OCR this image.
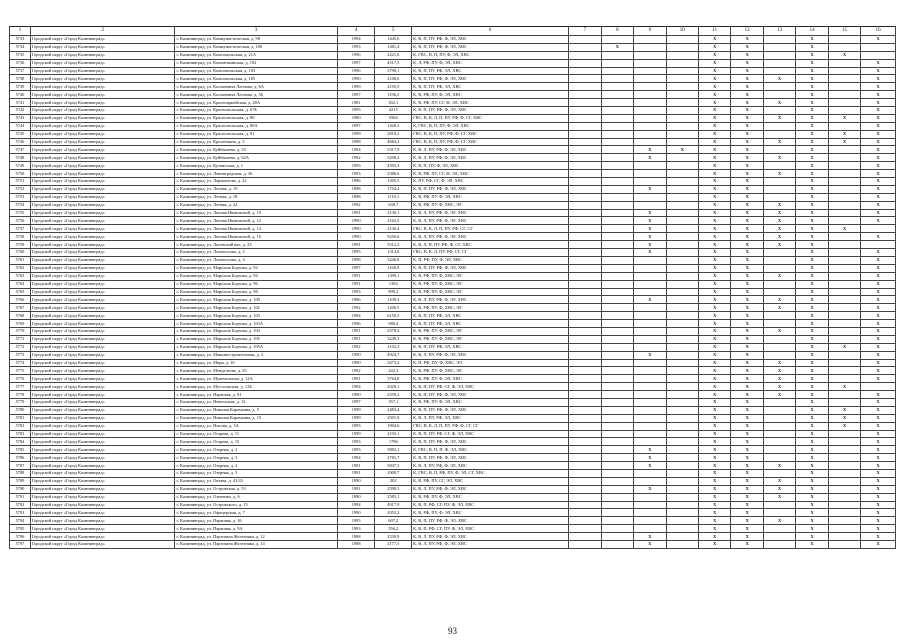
1	2	3	4	5	6	7	8	9	10	11	12	13	14	15	16
5733	Городской округ «Город Калининград»	г. Калининград, ул. Коммунистическая, д. 98	1994	1445,6	К, В, П, ПУ, РФ, Ф, ЭЛ, ХВС					X	X		X		X
5734	Городской округ «Город Калининград»	г. Калининград, ул. Коммунистическая, д. 100	1993	1481,4	К, В, П, ПУ, РФ, Ф, ЭЛ, ХВС		X			X	X		X		
5735	Городской округ «Город Калининград»	г. Калининград, ул. Комсомольская, д. 21А	1996	2221,6	К, ГВС, В, П, ПУ, Ф, ЭЛ, ХВС					X	X		X	X	
5736	Городской округ «Город Калининград»	г. Калининград, ул. Камчатньявская, д. 102	1997	4517,5	К, Л, РФ, ПУ, Ф, ЭЛ, ХВС					X	X		X		X
5737	Городской округ «Город Калининград»	г. Калининград, ул. Комсомольская, д. 103	1996	3790,1	К, В, П, ПУ, РФ, ЭЛ, ХВС					X	X		X		X
5738	Городской округ «Город Калининград»	г. Калининград, ул. Комсомольская, д. 105	1990	2108,6	К, В, П, ПУ, РФ, Ф, ЭЛ, ХВС					X	X	X	X		X
5739	Городской округ «Город Калининград»	г. Калининград, ул. Космонавта Леонова, д. 6А	1999	2195,5	К, В, П, ПУ, РФ, ЭЛ, ХВС					X	X		X		X
5740	Городской округ «Город Калининград»	г. Калининград, ул. Космонавта Леонова, д. 56	1997	1196,3	К, В, РФ, ПУ, Ф, ЭЛ, ХВС					X	X		X		X
5741	Городской округ «Город Калининград»	г. Калининград, ул. Красноармейская, д. 28А	1981	302,1	К, В, РФ, ПУ, СГ, Ф, ЭЛ, ХВС					X	X	X	X		X
5742	Городской округ «Город Калининград»	г. Калининград, ул. Краснопольская, д. 67Б	1995	4215	К, В, П, ПУ, РФ, Ф, ЭЛ, ХВС					X	X		X		X
5743	Городской округ «Город Калининград»	г. Калининград, ул. Краснопольская, д. 80	1980	5564	ГВС, В, К, Л, П, ПУ, РФ, Ф, СГ, ХВС					X	X	X	X	X	X
5744	Городской округ «Город Калининград»	г. Калининград, ул. Краснопольская, д. 80А	1997	1428,3	К, ГВС, В, П, ПУ, Ф, ЭЛ, ХВС					X	X		X		X
5745	Городской округ «Город Калининград»	г. Калининград, ул. Краснопольская, д. 81	1999	2818,2	ГВС, В, К, П, ПУ, РФ, Ф, СГ, ХВС					X	X		X	X	X
5746	Городской округ «Город Калининград»	г. Калининград, ул. Кропоткина, д. 3	1998	4684,2	ГВС, В, К, П, ПУ, РФ, Ф, СГ, ХВС					X	X	X	X	X	X
5747	Городской округ «Город Калининград»	г. Калининград, ул. Куйбышева, д. 53	1994	5317,9	К, В, Л, ПУ, РФ, Ф, ЭЛ, ХВС			X	X	X	X		X		X
5748	Городской округ «Город Калининград»	г. Калининград, ул. Куйбышева, д. 62А	1992	3290,2	К, В, Л, ПУ, РФ, Ф, ЭЛ, ХВС			X		X	X	X	X		X
5749	Городской округ «Город Калининград»	г. Калининград, ул. Кутаисская, д. 1	1995	4593,3	К, В, П, ПУ, Ф, ЭЛ, ХВС					X	X		X		X
5750	Городской округ «Город Калининград»	г. Калининград, ул. Ленинградская, д. 36	1993	2386,6	К, В, РФ, ПУ, СГ, Ф, ЭЛ, ХВС					X	X	X	X		X
5751	Городской округ «Город Калининград»	г. Калининград, ул. Лермонтова, д. 22	1986	1205,5	К, ПУ, РФ, СГ, Ф, ЭЛ, ХВС					X	X		X		X
5752	Городской округ «Город Калининград»	г. Калининград, ул. Лесная, д. 19	1998	1754,4	К, В, П, ПУ, РФ, Ф, ЭЛ, ХВС			X		X	X		X		X
5753	Городской округ «Город Калининград»	г. Калининград, ул. Летная, д. 18	1998	1110,1	К, В, РФ, ПУ, Ф, ЭЛ, ХВС					X	X		X		X
5754	Городской округ «Город Калининград»	г. Калининград, ул. Летняя, д. 22	1992	638,7	К, В, РФ, ПУ, Ф, ХВС, ЭЛ					X	X	X	X		X
5755	Городской округ «Город Калининград»	г. Калининград, ул. Лиепая Ивановской, д. 10	1991	2130,1	К, В, Л, ПУ, РФ, Ф, ЭЛ, ХВС			X		X	X	X	X		X
5756	Городской округ «Город Калининград»	г. Калининград, ул. Лиепая Ивановской, д. 12	1990	2163,5	К, В, Л, ПУ, РФ, Ф, ЭЛ, ХВС			X		X	X	X	X		X
5757	Городской округ «Город Калининград»	г. Калининград, ул. Лиепая Ивановской, д. 14	1990	2136,4	ГВС, В, К, Л, П, ПУ, РФ, СГ, СГ			X		X	X	X	X	X	
5758	Городской округ «Город Калининград»	г. Калининград, ул. Лиепая Ивановской, д. 16	1990	9256,6	К, В, Л, ПУ, РФ, Ф, ЭЛ, ХВС			X		X	X	X	X		X
5759	Городской округ «Город Калининград»	г. Калининград, ул. Лиговский вал, д. 23	1991	5512,2	К, В, Л, П, ПУ, РФ, Ф, СГ, ХВС			X		X	X	X	X		
5760	Городской округ «Город Калининград»	г. Калининград, ул. Ломоносова, д. 2	1995	1314,6	ГВС, В, К, Л, ПУ, РФ, СГ, СГ			X		X	X		X		X
5761	Городской округ «Город Калининград»	г. Калининград, ул. Ломоносова, д. 4	1998	3246,8	К, П, РФ, ПУ, Ф, ЭЛ, ХВС					X	X		X		X
5762	Городской округ «Город Калининград»	г. Калининград, ул. Маршала Борзова, д. 92	1997	1168,9	К, В, П, ПУ, РФ, Ф, ЭЛ, ХВС					X	X		X		X
5763	Городской округ «Город Калининград»	г. Калининград, ул. Маршала Борзова, д. 94	1991	1399,1	К, В, РФ, ПУ, Ф, ХВС, ЭЛ					X	X	X	X		X
5764	Городской округ «Город Калининград»	г. Калининград, ул. Маршала Борзова, д. 96	1991	1384	К, В, РФ, ПУ, Ф, ХВС, ЭЛ					X	X		X		X
5765	Городской округ «Город Калининград»	г. Калининград, ул. Маршала Борзова, д. 98	1993	899,2	К, В, РФ, ПУ, Ф, ХВС, ЭЛ					X	X		X		X
5766	Городской округ «Город Калининград»	г. Калининград, ул. Маршала Борзова, д. 100	1986	1108,3	К, В, Л, ПУ, РФ, Ф, ЭЛ, ХВС			X		X	X	X	X		X
5767	Городской округ «Город Калининград»	г. Калининград, ул. Маршала Борзова, д. 102	1992	1200,5	К, В, РФ, ПУ, Ф, ХВС, ЭЛ					X	X	X	X		X
5768	Городской округ «Город Калининград»	г. Калининград, ул. Маршала Борзова, д. 103	1994	6150,5	К, В, П, ПУ, РФ, ЭЛ, ХВС					X	X		X		X
5769	Городской округ «Город Калининград»	г. Калининград, ул. Маршала Борзова, д. 103А	1996	986,4	К, В, П, ПУ, РФ, ЭЛ, ХВС					X	X		X		X
5770	Городской округ «Город Калининград»	г. Калининград, ул. Маршала Борзова, д. 104	1991	2578,4	К, В, РФ, ПУ, Ф, ХВС, ЭЛ					X	X	X	X		X
5771	Городской округ «Город Калининград»	г. Калининград, ул. Маршала Борзова, д. 105	1991	3249,3	К, В, РФ, ПУ, Ф, ХВС, ЭЛ					X	X		X		X
5772	Городской округ «Город Калининград»	г. Калининград, ул. Маршала Борзова, д. 105А	1992	2102,3	К, В, П, ПУ, РФ, ЭЛ, ХВС					X	X		X	X	X
5773	Городской округ «Город Калининград»	г. Калининград, ул. Машиностроительная, д. 2	1990	4924,7	К, В, Л, ПУ, РФ, Ф, ЭЛ, ХВС			X		X	X		X		X
5774	Городской округ «Город Калининград»	г. Калининград, ул. Мира, д. 10	1990	3473,2	К, П, РФ, ПУ, Ф, ХВС, ЭЛ					X	X	X	X		X
5775	Городской округ «Город Калининград»	г. Калининград, ул. Менделеева, д. 35	1992	242,3	К, В, РФ, ПУ, Ф, ХВС, ЭЛ					X	X	X	X		X
5776	Городской округ «Город Калининград»	г. Калининград, ул. Мукомольная, д. 12А	1991	3764,8	К, В, РФ, ПУ, Ф, ЭЛ, ХВС					X	X	X	X		X
5777	Городской округ «Город Калининград»	г. Калининград, ул. Муссолыская, д. 12Б	1994	2029,1	К, В, П, ПУ, РФ, СГ, Ф, ЭЛ, ХВС					X	X	X	X	X	
5778	Городской округ «Город Калининград»	г. Калининград, ул. Нарвская, д. 81	1990	2559,2	К, В, П, ПУ, РФ, Ф, ЭЛ, ХВС					X	X	X	X		X
5779	Городской округ «Город Калининград»	г. Калининград, ул. Невельская, д. 12	1997	357,1	К, В, РФ, ПУ, Ф, ЭЛ, ХВС					X	X		X		X
5780	Городской округ «Город Калининград»	г. Калининград, ул. Николая Карамзина, д. 5	1999	2483,4	К, В, П, ПУ, РФ, Ф, ЭЛ, ХВС					X	X		X	X	X
5781	Городской округ «Город Калининград»	г. Калининград, ул. Николая Карамзина, д. 15	1999	2501,9	К, В, Л, ПУ, РФ, ЭЛ, ХВС					X	X		X	X	X
5782	Городской округ «Город Калининград»	г. Калининград, ул. Нисова, д. 3А	1995	1804,6	ГВС, В, К, Л, П, ПУ, РФ, Ф, СГ, СГ					X	X		X	X	X
5783	Городской округ «Город Калининград»	г. Калининград, ул. Огарева, д. 11	1999	2193,1	К, В, П, ПУ, РФ, СГ, Ф, ЭЛ, ХВС					X	X		X		X
5784	Городской округ «Город Калининград»	г. Калининград, ул. Огарева, д. 15	1993	1796	К, В, П, ПУ, РФ, Ф, ЭЛ, ХВС					X	X		X		X
5785	Городской округ «Город Калининград»	г. Калининград, ул. Озерная, д. 2	1995	5882,1	К, ГВС, В, П, П, Ф, ЭЛ, ХВС			X		X	X		X		X
5786	Городской округ «Город Калининград»	г. Калининград, ул. Озерная, д. 3	1994	2781,7	К, В, П, ПУ, РФ, Ф, ЭЛ, ХВС			X		X	X		X		X
5787	Городской округ «Город Калининград»	г. Калининград, ул. Озерная, д. 4	1991	5847,5	К, В, Л, ПУ, РФ, Ф, ЭЛ, ХВС			X		X	X	X	X		X
5788	Городской округ «Город Калининград»	г. Калининград, ул. Озерная, д. 5	1991	2908,7	К, ГВС, В, П, РФ, ПУ, Ф, ЭЛ, СГ, ХВС					X	X		X		X
5789	Городской округ «Город Калининград»	г. Калининград, ул. Октава, д. 41/43	1990	202	К, В, РФ, ПУ, СГ, ЭЛ, ХВС					X	X	X	X		X
5790	Городской округ «Город Калининград»	г. Калининград, ул. Островская, д. 53	1991	2598,3	К, В, Л, ПУ, РФ, Ф, ЭЛ, ХВС			X		X	X	X	X		X
5791	Городской округ «Город Калининград»	г. Калининград, ул. Оэнтенко, д. 6	1990	2585,1	К, В, РФ, ПУ, Ф, ЭЛ, ХВС					X	X	X	X		X
5792	Городской округ «Город Калининград»	г. Калининград, ул. Островского, д. 15	1994	4917,9	К, В, П, РФ, СГ, ПУ, Ф, ЭЛ, ХВС					X	X		X		X
5793	Городской округ «Город Калининград»	г. Калининград, ул. Офицерская, д. 7	1990	2053,2	К, В, РФ, ПУ, Ф, ЭЛ, ХВС					X	X		X		X
5794	Городской округ «Город Калининград»	г. Калининград, ул. Парковая, д. 16	1995	607,2	К, В, П, ПУ, РФ, Ф, ЭЛ, ХВС					X	X	X	X		X
5795	Городской округ «Город Калининград»	г. Калининград, ул. Парковая, д. 9А	1993	556,2	К, В, П, РФ, СГ, ПУ, Ф, ЭЛ, ХВС					X	X		X		X
5796	Городской округ «Город Калининград»	г. Калининград, ул. Партизана Железняка, д. 12	1988	2530,9	К, В, Л, ПУ, РФ, Ф, ЭЛ, ХВС			X		X	X		X		X
5797	Городской округ «Город Калининград»	г. Калининград, ул. Партизана Железняка, д. 14	1988	2177,5	К, В, Л, ПУ, РФ, Ф, ЭЛ, ХВС			X		X	X		X		X
93
